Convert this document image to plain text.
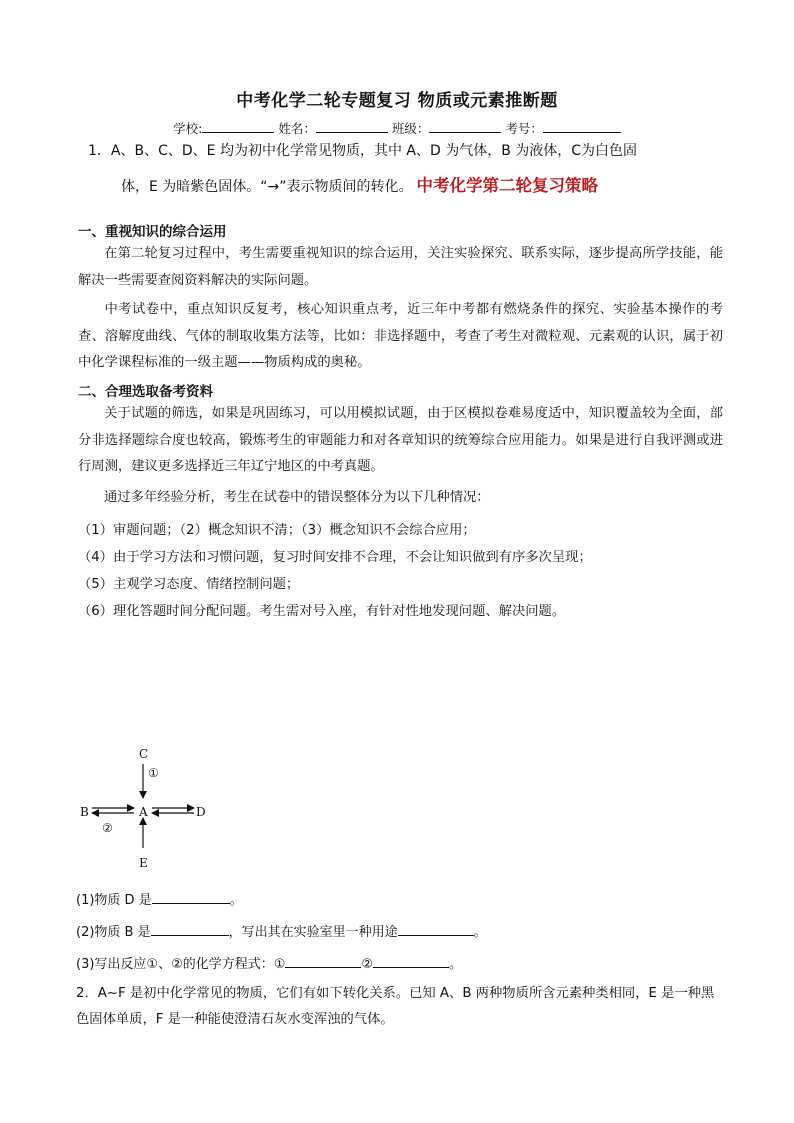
中考化学二轮专题复习 物质或元素推断题
学校:	姓名：	班级：	考号：
1．A、B、C、D、E 均为初中化学常见物质，其中 A、D 为气体，B 为液体，C为白色固
体，E 为暗紫色固体。“→”表示物质间的转化。 中考化学第二轮复习策略
一、重视知识的综合运用
在第二轮复习过程中，考生需要重视知识的综合运用，关注实验探究、联系实际，逐步提高所学技能，能解决一些需要查阅资料解决的实际问题。
中考试卷中，重点知识反复考，核心知识重点考，近三年中考都有燃烧条件的探究、实验基本操作的考查、溶解度曲线、气体的制取收集方法等，比如：非选择题中，考查了考生对微粒观、元素观的认识，属于初中化学课程标准的一级主题——物质构成的奥秘。
二、合理选取备考资料
关于试题的筛选，如果是巩固练习，可以用模拟试题，由于区模拟卷难易度适中，知识覆盖较为全面，部分非选择题综合度也较高，锻炼考生的审题能力和对各章知识的统筹综合应用能力。如果是进行自我评测或进行周测，建议更多选择近三年辽宁地区的中考真题。
通过多年经验分析，考生在试卷中的错误整体分为以下几种情况：
（1）审题问题；（2）概念知识不清；（3）概念知识不会综合应用；
（4）由于学习方法和习惯问题，复习时间安排不合理，不会让知识做到有序多次呈现；
（5）主观学习态度、情绪控制问题；
（6）理化答题时间分配问题。考生需对号入座，有针对性地发现问题、解决问题。
C
①
A
B	D
②
E
(1)物质 D 是	。
(2)物质 B 是	，写出其在实验室里一种用途	。
(3)写出反应①、②的化学方程式：①	②	。
2．A~F 是初中化学常见的物质，它们有如下转化关系。已知 A、B 两种物质所含元素种类相同，E 是一种黑色固体单质，F 是一种能使澄清石灰水变浑浊的气体。
